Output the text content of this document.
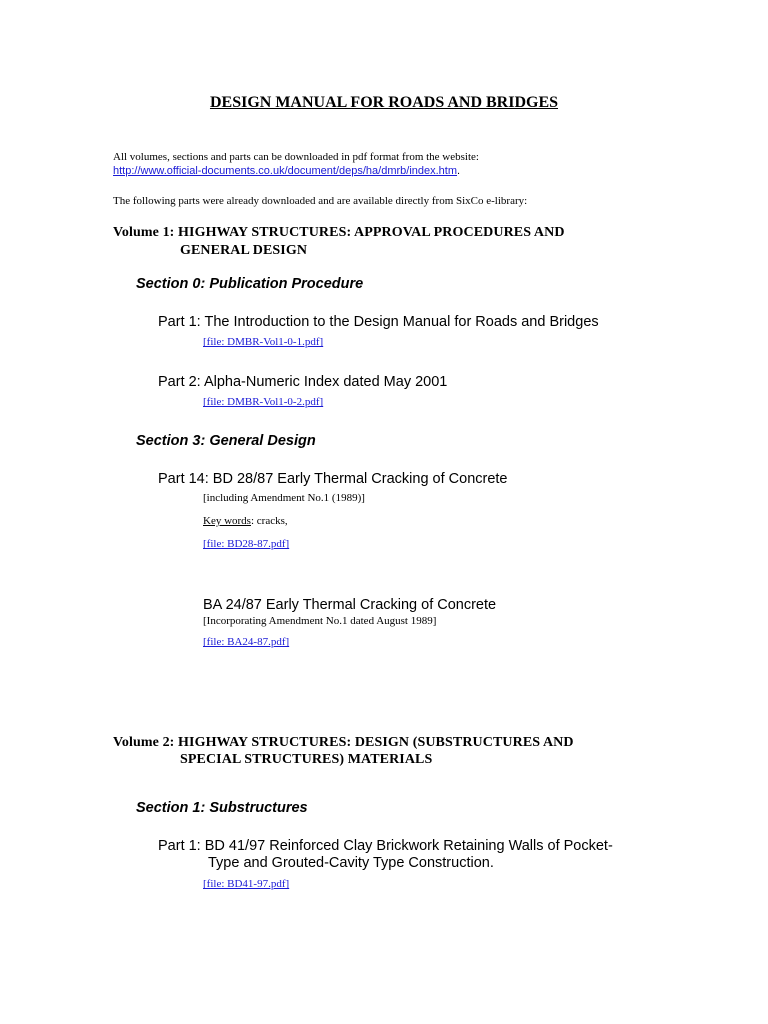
DESIGN MANUAL FOR ROADS AND BRIDGES
All volumes, sections and parts can be downloaded in pdf format from the website:
http://www.official-documents.co.uk/document/deps/ha/dmrb/index.htm.
The following parts were already downloaded and are available directly from SixCo e-library:
Volume 1: HIGHWAY STRUCTURES: APPROVAL PROCEDURES AND
GENERAL DESIGN
Section 0: Publication Procedure
Part 1: The Introduction to the Design Manual for Roads and Bridges
[file: DMBR-Vol1-0-1.pdf]
Part 2: Alpha-Numeric Index dated May 2001
[file: DMBR-Vol1-0-2.pdf]
Section 3: General Design
Part 14: BD 28/87 Early Thermal Cracking of Concrete
[including Amendment No.1 (1989)]
Key words: cracks,
[file: BD28-87.pdf]
BA 24/87 Early Thermal Cracking of Concrete
[Incorporating Amendment No.1 dated August 1989]
[file: BA24-87.pdf]
Volume 2: HIGHWAY STRUCTURES: DESIGN (SUBSTRUCTURES AND
SPECIAL STRUCTURES) MATERIALS
Section 1: Substructures
Part 1: BD 41/97 Reinforced Clay Brickwork Retaining Walls of Pocket-
Type and Grouted-Cavity Type Construction.
[file: BD41-97.pdf]
